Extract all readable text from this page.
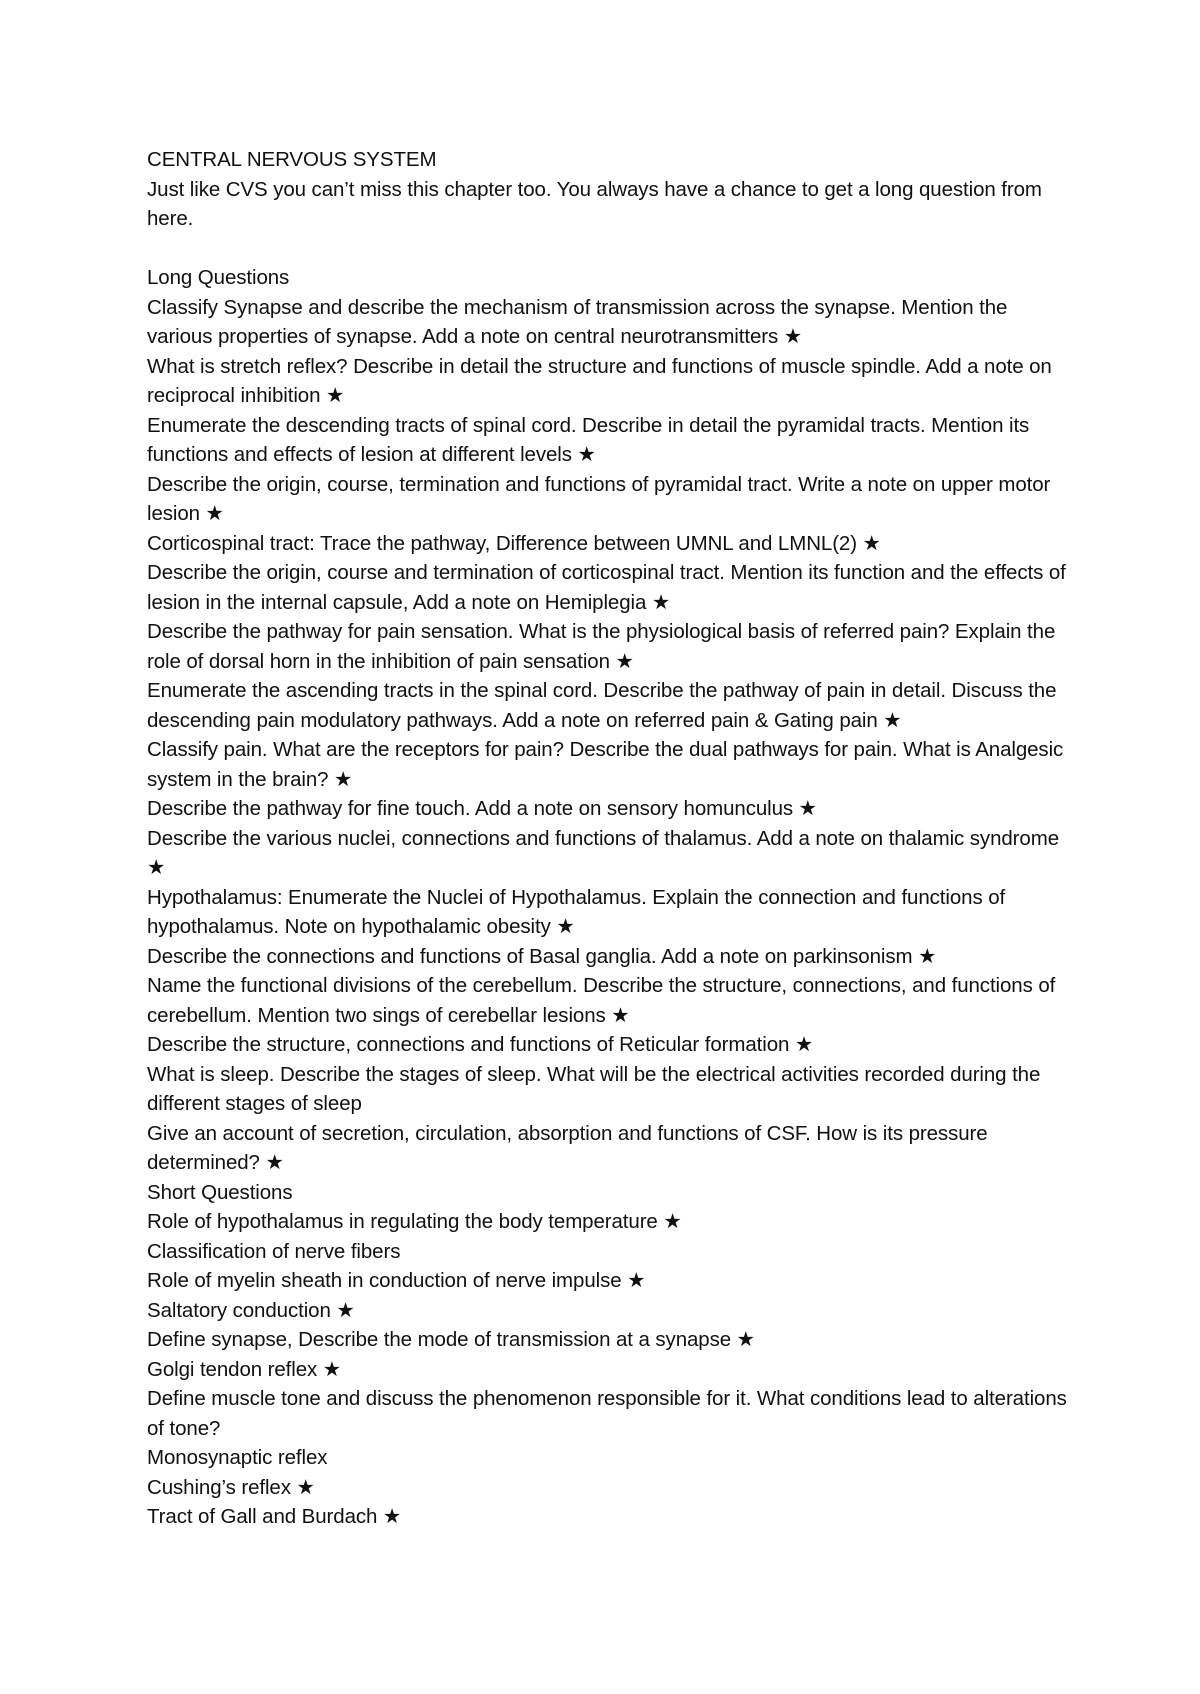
CENTRAL NERVOUS SYSTEM

Just like CVS you can’t miss this chapter too. You always have a chance to get a long question from here.

Long Questions

Classify Synapse and describe the mechanism of transmission across the synapse. Mention the various properties of synapse. Add a note on central neurotransmitters ★

What is stretch reflex? Describe in detail the structure and functions of muscle spindle. Add a note on reciprocal inhibition ★

Enumerate the descending tracts of spinal cord. Describe in detail the pyramidal tracts. Mention its functions and effects of lesion at different levels ★

Describe the origin, course, termination and functions of pyramidal tract. Write a note on upper motor lesion ★

Corticospinal tract: Trace the pathway, Difference between UMNL and LMNL(2) ★

Describe the origin, course and termination of corticospinal tract. Mention its function and the effects of lesion in the internal capsule, Add a note on Hemiplegia ★

Describe the pathway for pain sensation. What is the physiological basis of referred pain? Explain the role of dorsal horn in the inhibition of pain sensation ★

Enumerate the ascending tracts in the spinal cord. Describe the pathway of pain in detail. Discuss the descending pain modulatory pathways. Add a note on referred pain & Gating pain ★

Classify pain. What are the receptors for pain? Describe the dual pathways for pain. What is Analgesic system in the brain? ★

Describe the pathway for fine touch. Add a note on sensory homunculus ★

Describe the various nuclei, connections and functions of thalamus. Add a note on thalamic syndrome ★

Hypothalamus: Enumerate the Nuclei of Hypothalamus. Explain the connection and functions of hypothalamus. Note on hypothalamic obesity ★

Describe the connections and functions of Basal ganglia. Add a note on parkinsonism ★

Name the functional divisions of the cerebellum. Describe the structure, connections, and functions of cerebellum. Mention two sings of cerebellar lesions ★

Describe the structure, connections and functions of Reticular formation ★

What is sleep. Describe the stages of sleep. What will be the electrical activities recorded during the different stages of sleep

Give an account of secretion, circulation, absorption and functions of CSF. How is its pressure determined? ★

Short Questions

Role of hypothalamus in regulating the body temperature ★

Classification of nerve fibers

Role of myelin sheath in conduction of nerve impulse ★

Saltatory conduction ★

Define synapse, Describe the mode of transmission at a synapse ★

Golgi tendon reflex ★

Define muscle tone and discuss the phenomenon responsible for it. What conditions lead to alterations of tone?

Monosynaptic reflex

Cushing’s reflex ★

Tract of Gall and Burdach ★
